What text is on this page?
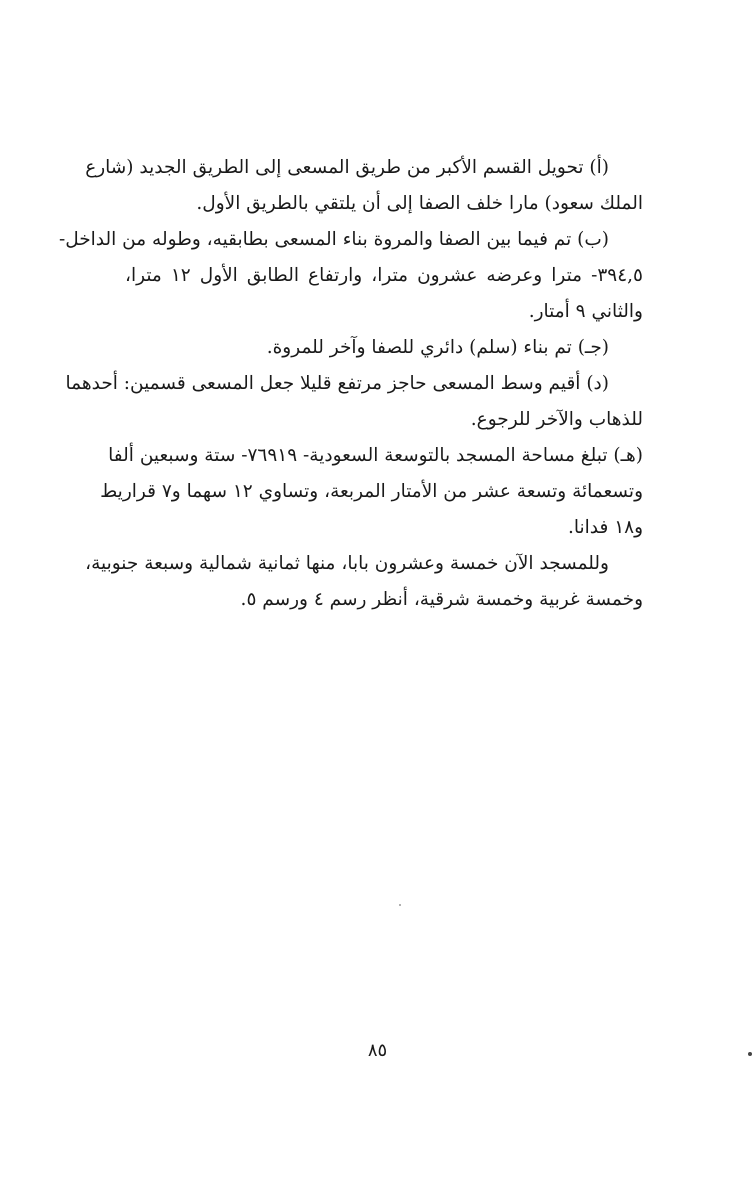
(أ) تحويل القسم الأكبر من طريق المسعى إلى الطريق الجديد (شارع
الملك سعود) مارا خلف الصفا إلى أن يلتقي بالطريق الأول.
(ب) تم فيما بين الصفا والمروة بناء المسعى بطابقيه، وطوله من الداخل-
٣٩٤,٥- مترا وعرضه عشرون مترا، وارتفاع الطابق الأول ١٢ مترا،
والثاني ٩ أمتار.
(جـ) تم بناء (سلم) دائري للصفا وآخر للمروة.
(د) أقيم وسط المسعى حاجز مرتفع قليلا جعل المسعى قسمين: أحدهما
للذهاب والآخر للرجوع.
(هـ) تبلغ مساحة المسجد بالتوسعة السعودية- ٧٦٩١٩- ستة وسبعين ألفا
وتسعمائة وتسعة عشر من الأمتار المربعة، وتساوي ١٢ سهما و٧ قراريط
و١٨ فدانا.
وللمسجد الآن خمسة وعشرون بابا، منها ثمانية شمالية وسبعة جنوبية،
وخمسة غربية وخمسة شرقية، أنظر رسم ٤ ورسم ٥.
٨٥
